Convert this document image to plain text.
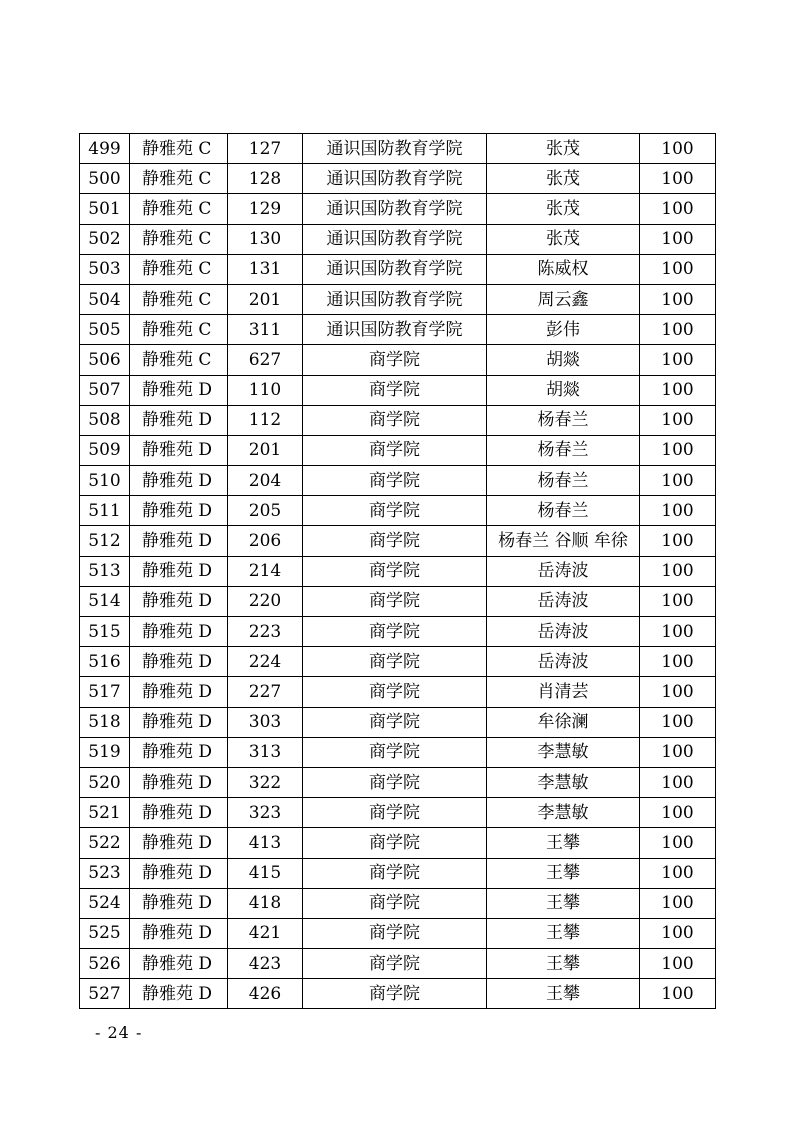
499	静雅苑 C	127	通识国防教育学院	张茂	100
500	静雅苑 C	128	通识国防教育学院	张茂	100
501	静雅苑 C	129	通识国防教育学院	张茂	100
502	静雅苑 C	130	通识国防教育学院	张茂	100
503	静雅苑 C	131	通识国防教育学院	陈威权	100
504	静雅苑 C	201	通识国防教育学院	周云鑫	100
505	静雅苑 C	311	通识国防教育学院	彭伟	100
506	静雅苑 C	627	商学院	胡燚	100
507	静雅苑 D	110	商学院	胡燚	100
508	静雅苑 D	112	商学院	杨春兰	100
509	静雅苑 D	201	商学院	杨春兰	100
510	静雅苑 D	204	商学院	杨春兰	100
511	静雅苑 D	205	商学院	杨春兰	100
512	静雅苑 D	206	商学院	杨春兰 谷顺 牟徐	100
513	静雅苑 D	214	商学院	岳涛波	100
514	静雅苑 D	220	商学院	岳涛波	100
515	静雅苑 D	223	商学院	岳涛波	100
516	静雅苑 D	224	商学院	岳涛波	100
517	静雅苑 D	227	商学院	肖清芸	100
518	静雅苑 D	303	商学院	牟徐澜	100
519	静雅苑 D	313	商学院	李慧敏	100
520	静雅苑 D	322	商学院	李慧敏	100
521	静雅苑 D	323	商学院	李慧敏	100
522	静雅苑 D	413	商学院	王攀	100
523	静雅苑 D	415	商学院	王攀	100
524	静雅苑 D	418	商学院	王攀	100
525	静雅苑 D	421	商学院	王攀	100
526	静雅苑 D	423	商学院	王攀	100
527	静雅苑 D	426	商学院	王攀	100
- 24 -
